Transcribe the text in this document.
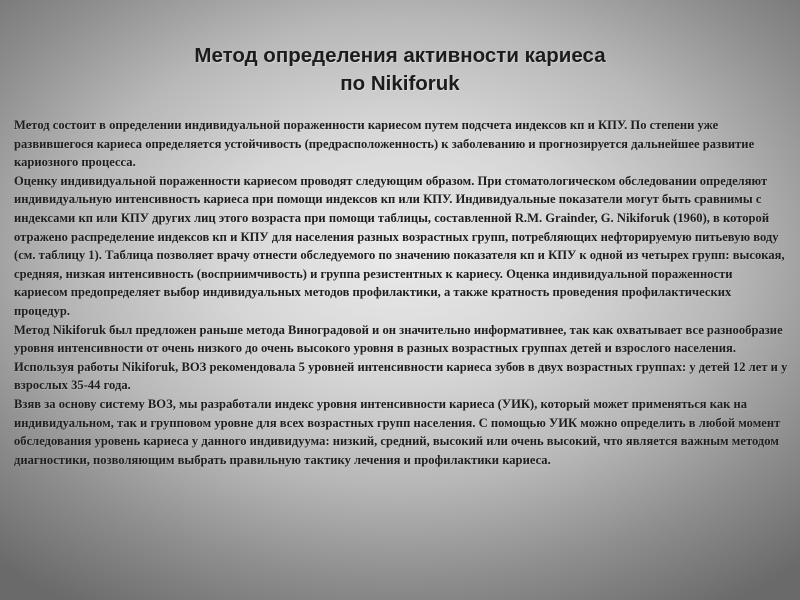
Метод определения активности кариеса
по Nikiforuk

Метод состоит в определении индивидуальной пораженности кариесом путем подсчета индексов кп и КПУ. По степени уже развившегося кариеса определяется устойчивость (предрасположенность) к заболеванию и прогнозируется дальнейшее развитие кариозного процесса.

Оценку индивидуальной пораженности кариесом проводят следующим образом. При стоматологическом обследовании определяют индивидуальную интенсивность кариеса при помощи индексов кп или КПУ. Индивидуальные показатели могут быть сравнимы с индексами кп или КПУ других лиц этого возраста при помощи таблицы, составленной R.M. Grainder, G. Nikiforuk (1960), в которой отражено распределение индексов кп и КПУ для населения разных возрастных групп, потребляющих нефторируемую питьевую воду (см. таблицу 1). Таблица позволяет врачу отнести обследуемого по значению показателя кп и КПУ к одной из четырех групп: высокая, средняя, низкая интенсивность (восприимчивость) и группа резистентных к кариесу. Оценка индивидуальной пораженности кариесом предопределяет выбор индивидуальных методов профилактики, а также кратность проведения профилактических процедур.

Метод Nikiforuk был предложен раньше метода Виноградовой и он значительно информативнее, так как охватывает все разнообразие уровня интенсивности от очень низкого до очень высокого уровня в разных возрастных группах детей и взрослого населения.

Используя работы Nikiforuk, ВОЗ рекомендовала 5 уровней интенсивности кариеса зубов в двух возрастных группах: у детей 12 лет и у взрослых 35-44 года.

Взяв за основу систему ВОЗ, мы разработали индекс уровня интенсивности кариеса (УИК), который может применяться как на индивидуальном, так и групповом уровне для всех возрастных групп населения. С помощью УИК можно определить в любой момент обследования уровень кариеса у данного индивидуума: низкий, средний, высокий или очень высокий, что является важным методом диагностики, позволяющим выбрать правильную тактику лечения и профилактики кариеса.
